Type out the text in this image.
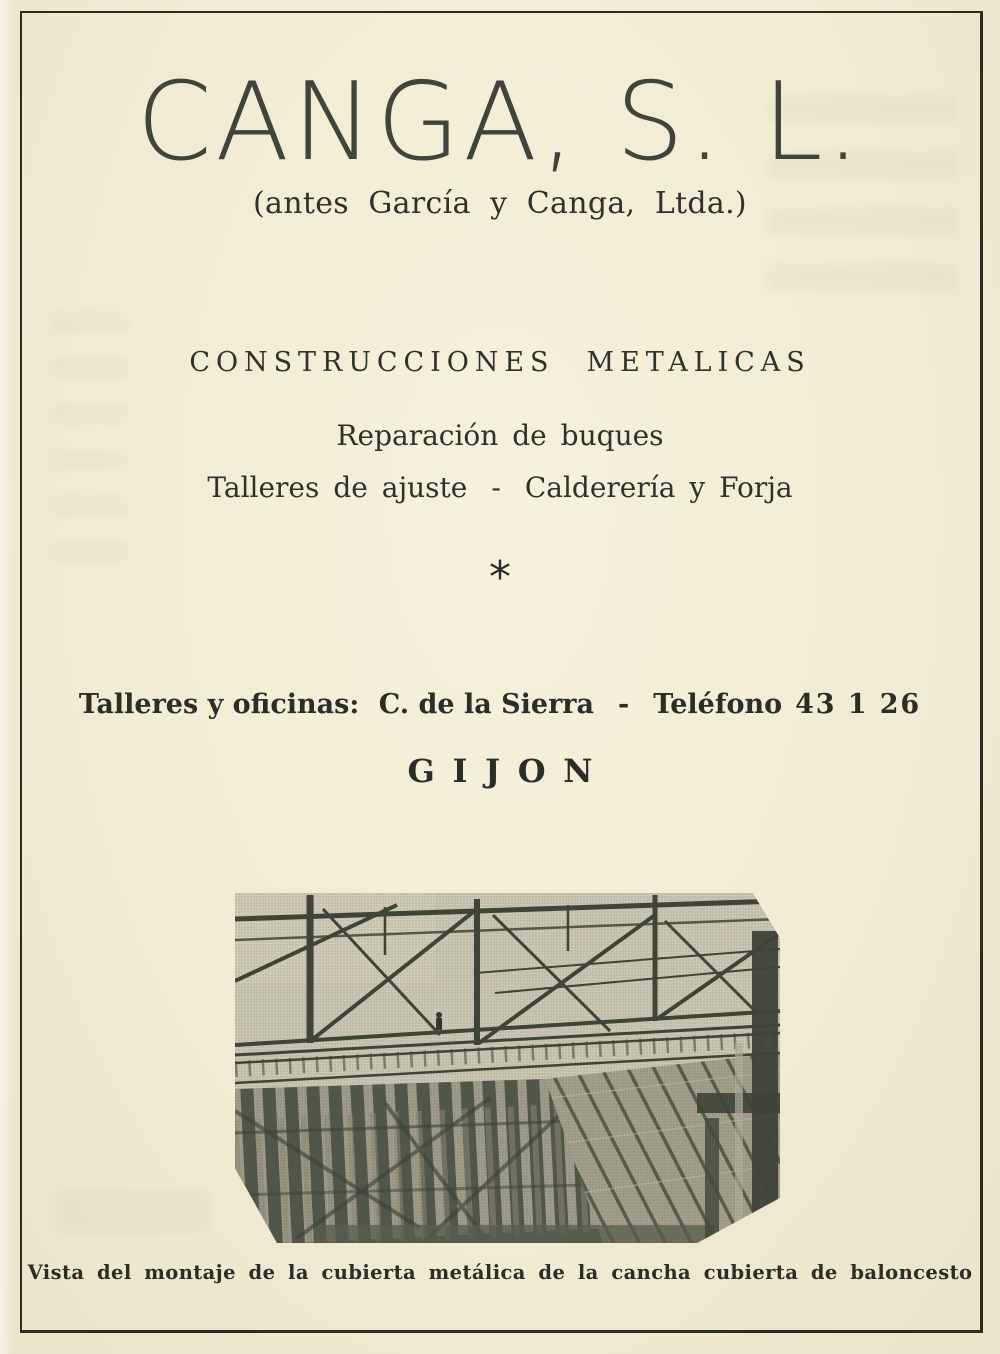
CANGA, S. L.

(antes García y Canga, Ltda.)

CONSTRUCCIONES METALICAS

Reparación de buques

Talleres de ajuste - Calderería y Forja

*

Talleres y oficinas: C. de la Sierra - Teléfono 43 1 26

GIJON

Vista del montaje de la cubierta metálica de la cancha cubierta de baloncesto
